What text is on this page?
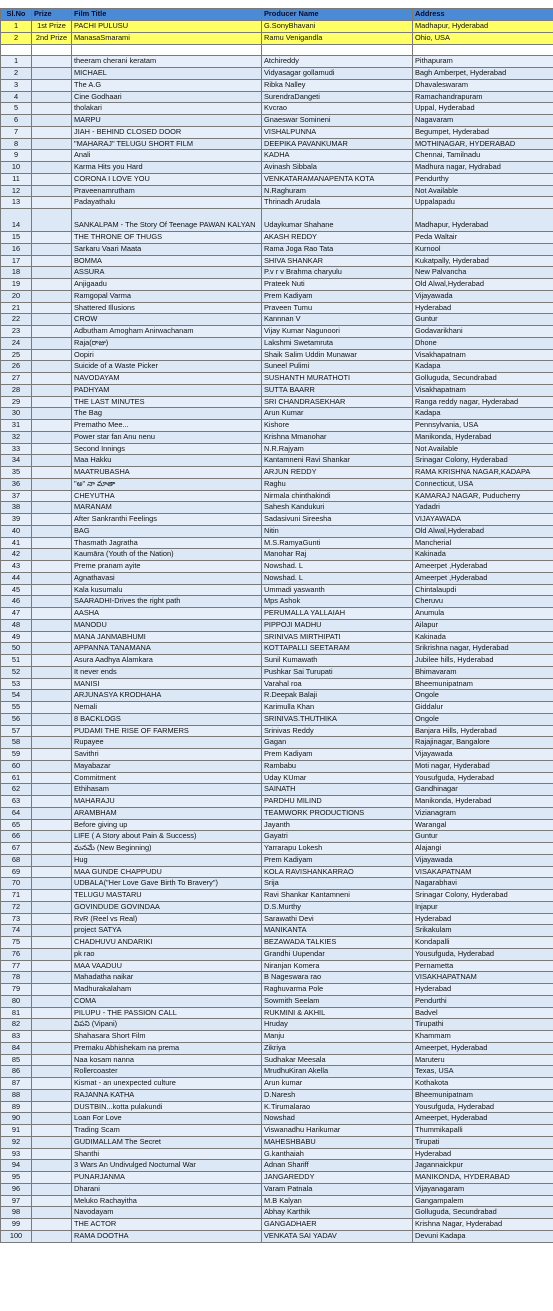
Sl.No	Prize	Film Title	Producer Name	Address
1	1st Prize	PACHI PULUSU	G.SonyBhavani	Madhapur, Hyderabad
2	2nd Prize	ManasaSmarami	Ramu Venigandla	Ohio, USA

1		theeram cherani keratam	Atchireddy	Pithapuram
2		MICHAEL	Vidyasagar gollamudi	Bagh Amberpet, Hyderabad
3		The A.G	Ribka Nalley	Dhavaleswaram
4		Cine Godhaari	SurendraDangeti	Ramachandrapuram
5		tholakari	Kvcrao	Uppal, Hyderabad
6		MARPU	Gnaeswar Somineni	Nagavaram
7		JIAH - BEHIND CLOSED DOOR	VISHALPUNNA	Begumpet, Hyderabad
8		"MAHARAJ" TELUGU SHORT FILM	DEEPIKA PAVANKUMAR	MOTHINAGAR, HYDERABAD
9		Anali	KADHA	Chennai, Tamilnadu
10		Karma Hits you Hard	Avinash Sibbala	Madhura nagar, Hydrabad
11		CORONA I LOVE YOU	VENKATARAMANAPENTA KOTA	Pendurthy
12		Praveenamrutham	N.Raghuram	Not Available
13		Padayathalu	Thrinadh Arudala	Uppalapadu
14		SANKALPAM - The Story Of Teenage PAWAN KALYAN	Udaykumar Shahane	Madhapur, Hyderabad
15		THE THRONE OF THUGS	AKASH REDDY	Peda Waltair
16		Sarkaru Vaari Maata	Rama Joga Rao Tata	Kurnool
17		BOMMA	SHIVA SHANKAR	Kukatpally, Hyderabad
18		ASSURA	P.v r v Brahma charyulu	New Palvancha
19		Anjigaadu	Prateek Nuti	Old Alwal,Hyderabad
20		Ramgopal Varma	Prem Kadiyam	Vijayawada
21		Shattered Illusions	Praveen Tumu	Hyderabad
22		CROW	Kannnan V	Guntur
23		Adbutham Amogham Anirwachanam	Vijay Kumar Nagunoori	Godavarikhani
24		Raja(రాజు)	Lakshmi Swetamruta	Dhone
25		Oopiri	Shaik Salim Uddin Munawar	Visakhapatnam
26		Suicide of a Waste Picker	Suneel Pulimi	Kadapa
27		NAVODAYAM	SUSHANTH MURATHOTI	Golluguda, Secundrabad
28		PADHYAM	SUTTA BAARR	Visakhapatnam
29		THE LAST MINUTES	SRI CHANDRASEKHAR	Ranga reddy nagar, Hyderabad
30		The Bag	Arun Kumar	Kadapa
31		Prematho Mee...	Kishore	Pennsylvania, USA
32		Power star fan Anu nenu	Krishna Mmanohar	Manikonda, Hyderabad
33		Second Innings	N.R.Rajyam	Not Available
34		Maa Hakku	Kantamneni Ravi Shankar	Srinagar Colony, Hyderabad
35		MAATRUBASHA	ARJUN REDDY	RAMA KRISHNA NAGAR,KADAPA
36		"అ" నా మాతా	Raghu	Connecticut, USA
37		CHEYUTHA	Nirmala chinthakindi	KAMARAJ NAGAR, Puducherry
38		MARANAM	Sahesh Kandukuri	Yadadri
39		After Sankranthi Feelings	Sadasivuni Sireesha	VIJAYAWADA
40		BAG	Nitin	Old Alwal,Hyderabad
41		Thasmath Jagratha	M.S.RamyaGunti	Mancherial
42		Kaumāra (Youth of the Nation)	Manohar Raj	Kakinada
43		Preme pranam ayite	Nowshad. L	Ameerpet ,Hyderabad
44		Agnathavasi	Nowshad. L	Ameerpet ,Hyderabad
45		Kala kusumalu	Ummadi yaswanth	Chintalaupdi
46		SAARADHI-Drives the right path	Mps Ashok	Cheruvu
47		AASHA	PERUMALLA YALLAIAH	Anumula
48		MANODU	PIPPOJI MADHU	Ailapur
49		MANA JANMABHUMI	SRINIVAS MIRTHIPATI	Kakinada
50		APPANNA TANAMANA	KOTTAPALLI SEETARAM	Srikrishna nagar, Hyderabad
51		Asura Aadhya Alamkara	Sunil Kumawath	Jubilee hills, Hyderabad
52		It never ends	Pushkar Sai Turupati	Bhimavaram
53		MANISI	Varahal roa	Bheemunipatnam
54		ARJUNASYA KRODHAHA	R.Deepak Balaji	Ongole
55		Nemali	Karimulla Khan	Giddalur
56		8 BACKLOGS	SRINIVAS.THUTHIKA	Ongole
57		PUDAMI THE RISE OF FARMERS	Srinivas Reddy	Banjara Hills, Hyderabad
58		Rupayee	Gagan	Rajajinagar, Bangalore
59		Savithri	Prem Kadiyam	Vijayawada
60		Mayabazar	Rambabu	Moti nagar, Hyderabad
61		Commitment	Uday KUmar	Yousufguda, Hyderabad
62		Ethihasam	SAINATH	Gandhinagar
63		MAHARAJU	PARDHU MILIND	Manikonda, Hyderabad
64		ARAMBHAM	TEAMWORK PRODUCTIONS	Vizianagram
65		Before giving up	Jayanth	Warangal
66		LIFE ( A Story about Pain & Success)	Gayatri	Guntur
67		మనమే (New Beginning)	Yarrarapu Lokesh	Alajangi
68		Hug	Prem Kadiyam	Vijayawada
69		MAA GUNDE CHAPPUDU	KOLA RAVISHANKARRAO	VISAKAPATNAM
70		UDBALA("Her Love Gave Birth To Bravery")	Srija	Nagarabhavi
71		TELUGU MASTARU	Ravi Shankar Kantamneni	Srinagar Colony, Hyderabad
72		GOVINDUDE GOVINDAA	D.S.Murthy	Injapur
73		RvR (Reel vs Real)	Sarawathi Devi	Hyderabad
74		project SATYA	MANIKANTA	Srikakulam
75		CHADHUVU ANDARIKI	BEZAWADA TALKIES	Kondapalli
76		pk rao	Grandhi Uupendar	Yousufguda, Hyderabad
77		MAA VAADUU	Niranjan Komera	Pernametta
78		Mahadatha naikar	B Nageswara rao	VISAKHAPATNAM
79		Madhurakalaham	Raghuvarma Pole	Hyderabad
80		COMA	Sowmith Seelam	Pendurthi
81		PILUPU - THE PASSION CALL	RUKMINI & AKHIL	Badvel
82		విపని (Vipani)	Hruday	Tirupathi
83		Shahasara Short Film	Manju	Khammam
84		Premaku Abhishekam na prema	Zikriya	Ameerpet, Hyderabad
85		Naa kosam nanna	Sudhakar Meesala	Maruteru
86		Rollercoaster	MrudhuKiran Akella	Texas, USA
87		Kismat - an unexpected culture	Arun kumar	Kothakota
88		RAJANNA KATHA	D.Naresh	Bheemunipatnam
89		DUSTBIN...kotta pulakundi	K.Tirumalarao	Yousufguda, Hyderabad
90		Loan For Love	Nowshad	Ameerpet, Hyderabad
91		Trading Scam	Viswanadhu Harikumar	Thummikapalli
92		GUDIMALLAM The Secret	MAHESHBABU	Tirupati
93		Shanthi	G.kanthaiah	Hyderabad
94		3 Wars An Undivulged Nocturnal War	Adnan Shariff	Jagannaickpur
95		PUNARJANMA	JANGAREDDY	MANIKONDA, HYDERABAD
96		Dharani	Varam Patnala	Vijayanagaram
97		Meluko Rachayitha	M.B Kalyan	Gangampalem
98		Navodayam	Abhay Karthik	Golluguda, Secundrabad
99		THE ACTOR	GANGADHAER	Krishna Nagar, Hyderabad
100		RAMA DOOTHA	VENKATA SAI YADAV	Devuni Kadapa
